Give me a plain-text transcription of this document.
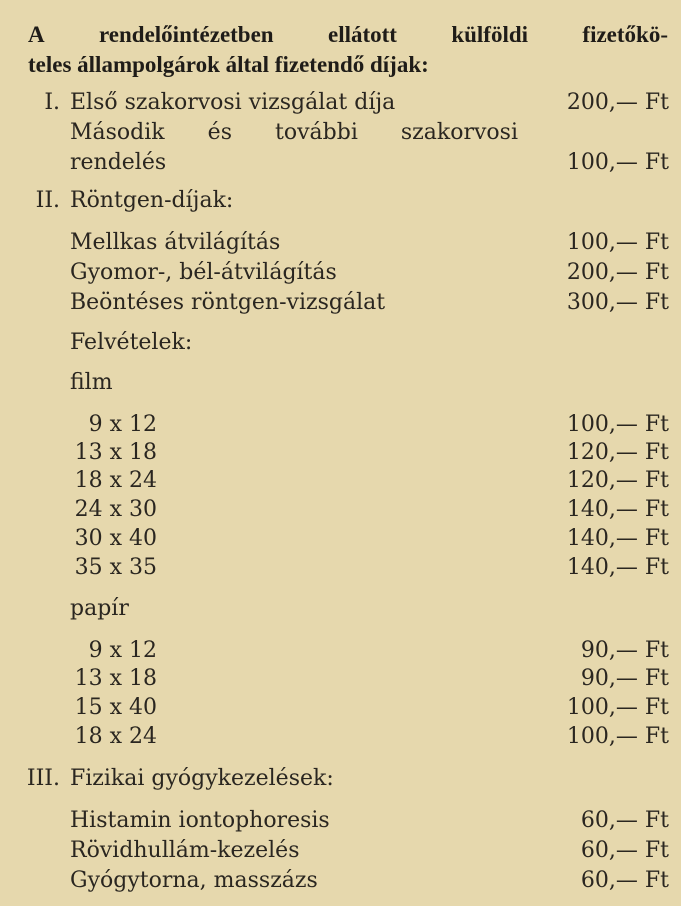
A rendelőintézetben ellátott külföldi fizetőkö-
teles állampolgárok által fizetendő díjak:
I. Első szakorvosi vizsgálat díja	200,— Ft
Második és további szakorvosi
rendelés	100,— Ft
II. Röntgen-díjak:
Mellkas átvilágítás	100,— Ft
Gyomor-, bél-átvilágítás	200,— Ft
Beöntéses röntgen-vizsgálat	300,— Ft
Felvételek:
film
9 x 12	100,— Ft
13 x 18	120,— Ft
18 x 24	120,— Ft
24 x 30	140,— Ft
30 x 40	140,— Ft
35 x 35	140,— Ft
papír
9 x 12	90,— Ft
13 x 18	90,— Ft
15 x 40	100,— Ft
18 x 24	100,— Ft
III. Fizikai gyógykezelések:
Histamin iontophoresis	60,— Ft
Rövidhullám-kezelés	60,— Ft
Gyógytorna, masszázs	60,— Ft
